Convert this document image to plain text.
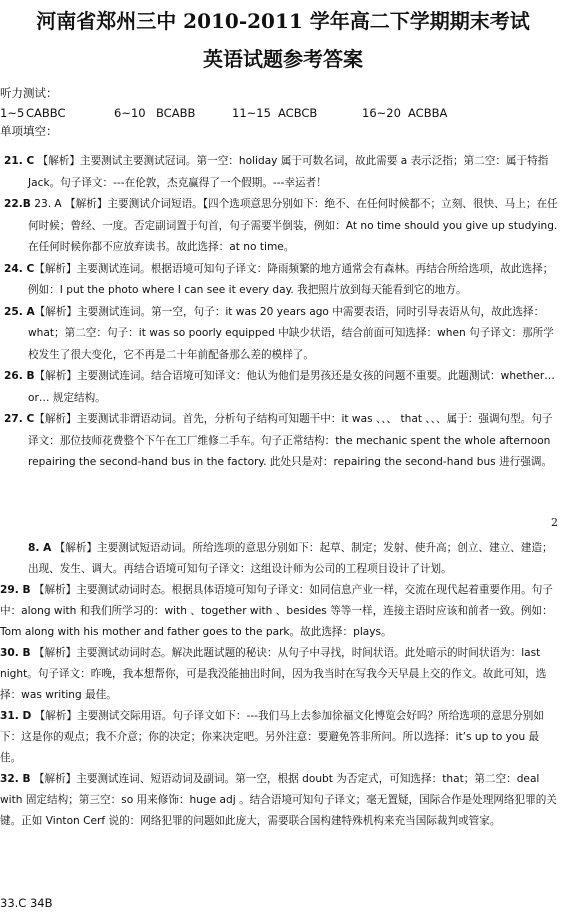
河南省郑州三中 2010-2011 学年高二下学期期末考试
英语试题参考答案
听力测试：
1~5 CABBC	6~10 BCABB	11~15 ACBCB	16~20 ACBBA
单项填空：

21. C 【解析】主要测试主要测试冠词。第一空：holiday 属于可数名词，故此需要 a 表示泛指；第二空：属于特指 Jack。句子译文：---在伦敦，杰克赢得了一个假期。---幸运者！

22.B 23. A 【解析】主要测试介词短语。【四个选项意思分别如下：绝不、在任何时候都不；立刻、很快、马上；在任何时候；曾经、一度。否定副词置于句首，句子需要半倒装，例如：At no time should you give up studying. 在任何时候你都不应放弃读书。故此选择：at no time。

24. C【解析】主要测试连词。根据语境可知句子译文：降雨频繁的地方通常会有森林。再结合所给选项，故此选择；例如：I put the photo where I can see it every day. 我把照片放到每天能看到它的地方。

25. A【解析】主要测试连词。第一空，句子：it was 20 years ago 中需要表语，同时引导表语从句，故此选择：what；第二空：句子：it was so poorly equipped 中缺少状语，结合前面可知选择：when 句子译文：那所学校发生了很大变化，它不再是二十年前配备那么差的模样了。

26. B【解析】主要测试连词。结合语境可知译文：他认为他们是男孩还是女孩的问题不重要。此题测试：whether…or… 规定结构。

27. C【解析】主要测试非谓语动词。首先，分析句子结构可知题干中：it was 、、、 that 、、、属于：强调句型。句子译文：那位技师花费整个下午在工厂维修二手车。句子正常结构：the mechanic spent the whole afternoon repairing the second-hand bus in the factory. 此处只是对：repairing the second-hand bus 进行强调。

2

8. A 【解析】主要测试短语动词。所给选项的意思分别如下：起草、制定；发射、使升高；创立、建立、建造；出现、发生、调大。再结合语境可知句子译文：这组设计师为公司的工程项目设计了计划。

29. B 【解析】主要测试动词时态。根据具体语境可知句子译文：如同信息产业一样，交流在现代起着重要作用。句子中：along with 和我们所学习的：with 、together with 、besides 等等一样，连接主语时应该和前者一致。例如：Tom along with his mother and father goes to the park。故此选择：plays。

30. B 【解析】主要测试动词时态。解决此题试题的秘诀：从句子中寻找，时间状语。此处暗示的时间状语为：last night。句子译文：昨晚，我本想帮你，可是我没能抽出时间，因为我当时在写我今天早晨上交的作文。故此可知，选择：was writing 最佳。

31. D 【解析】主要测试交际用语。句子译文如下：---我们马上去参加徐福文化博览会好吗？所给选项的意思分别如下：这是你的观点；我不介意；你的决定；你来决定吧。另外注意：要避免答非所问。所以选择：it’s up to you 最佳。

32. B 【解析】主要测试连词、短语动词及副词。第一空，根据 doubt 为否定式，可知选择：that；第二空：deal with 固定结构；第三空：so 用来修饰：huge adj 。结合语境可知句子译文；毫无置疑，国际合作是处理网络犯罪的关键。正如 Vinton Cerf 说的：网络犯罪的问题如此庞大，需要联合国构建特殊机构来充当国际裁判或管家。

33.C 34B
